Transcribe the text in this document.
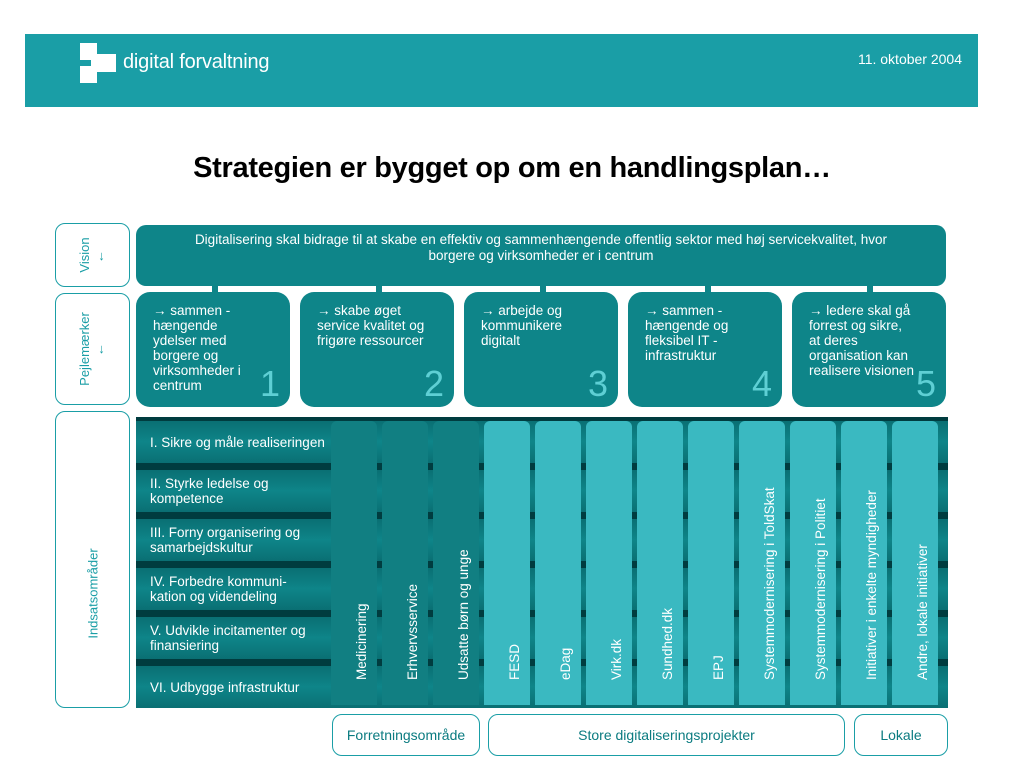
digital forvaltning	11. oktober 2004
Strategien er bygget op om en handlingsplan…
Vision ↓
Pejlemærker ↓
Indsatsområder
Digitalisering skal bidrage til at skabe en effektiv og sammenhængende offentlig sektor med høj servicekvalitet, hvor borgere og virksomheder er i centrum
→ sammen - hængende ydelser med borgere og virksomheder i centrum	1
→ skabe øget service kvalitet og frigøre ressourcer
2
→ arbejde og kommunikere digitalt
3
→ sammen - hængende og fleksibel IT - infrastruktur
4
→ ledere skal gå forrest og sikre, at deres organisation kan realisere visionen 5
I. Sikre og måle realiseringen
II. Styrke ledelse og kompetence
III. Forny organisering og samarbejdskultur
IV. Forbedre kommuni- kation og videndeling
V. Udvikle incitamenter og finansiering
VI. Udbygge infrastruktur
Medicinering	Erhvervsservice	Udsatte børn og unge	FESD	eDag	Virk.dk	Sundhed.dk	EPJ	Systemmodernisering i ToldSkat	Systemmodernisering i Politiet	Initiativer i enkelte myndigheder	Andre, lokale initiativer
Forretningsområde	Store digitaliseringsprojekter	Lokale
